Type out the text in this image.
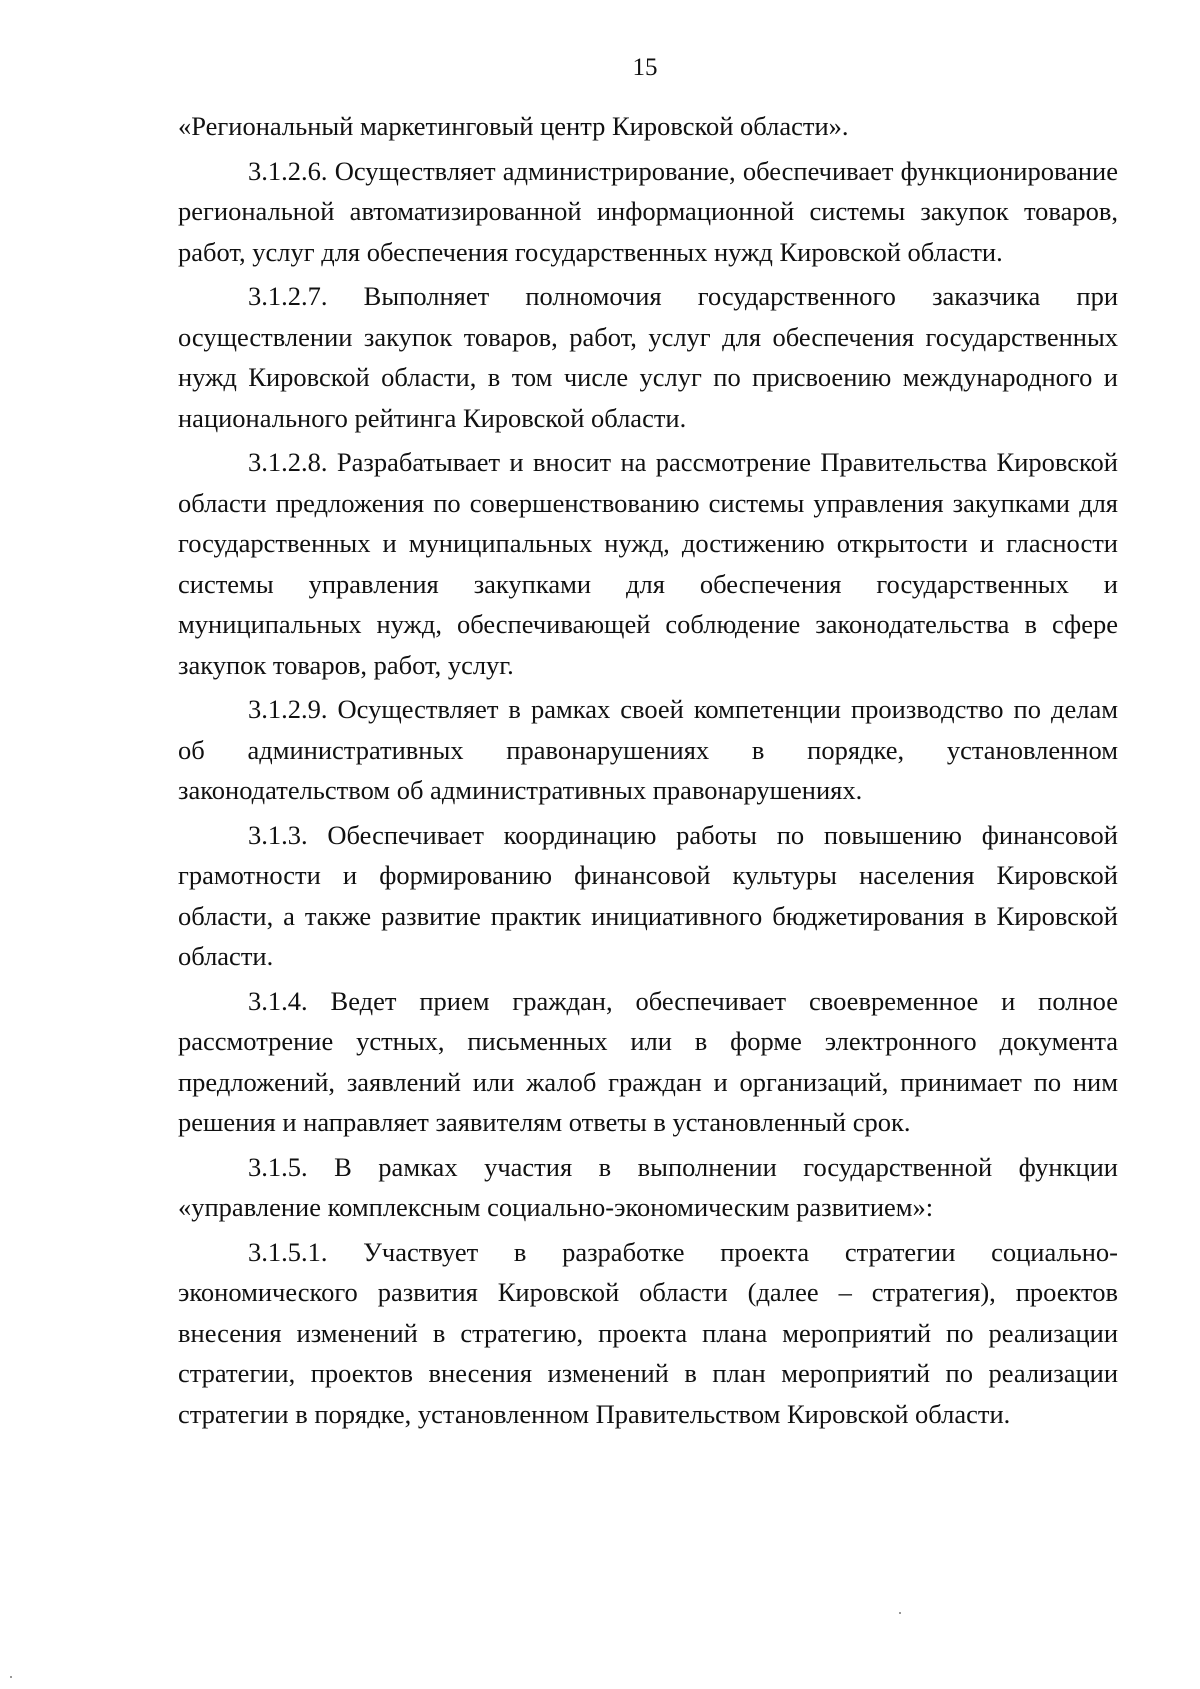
15

«Региональный маркетинговый центр Кировской области».

3.1.2.6. Осуществляет администрирование, обеспечивает функционирование региональной автоматизированной информационной системы закупок товаров, работ, услуг для обеспечения государственных нужд Кировской области.

3.1.2.7. Выполняет полномочия государственного заказчика при осуществлении закупок товаров, работ, услуг для обеспечения государственных нужд Кировской области, в том числе услуг по присвоению международного и национального рейтинга Кировской области.

3.1.2.8. Разрабатывает и вносит на рассмотрение Правительства Кировской области предложения по совершенствованию системы управления закупками для государственных и муниципальных нужд, достижению открытости и гласности системы управления закупками для обеспечения государственных и муниципальных нужд, обеспечивающей соблюдение законодательства в сфере закупок товаров, работ, услуг.

3.1.2.9. Осуществляет в рамках своей компетенции производство по делам об административных правонарушениях в порядке, установленном законодательством об административных правонарушениях.

3.1.3. Обеспечивает координацию работы по повышению финансовой грамотности и формированию финансовой культуры населения Кировской области, а также развитие практик инициативного бюджетирования в Кировской области.

3.1.4. Ведет прием граждан, обеспечивает своевременное и полное рассмотрение устных, письменных или в форме электронного документа предложений, заявлений или жалоб граждан и организаций, принимает по ним решения и направляет заявителям ответы в установленный срок.

3.1.5. В рамках участия в выполнении государственной функции «управление комплексным социально-экономическим развитием»:

3.1.5.1. Участвует в разработке проекта стратегии социально-экономического развития Кировской области (далее – стратегия), проектов внесения изменений в стратегию, проекта плана мероприятий по реализации стратегии, проектов внесения изменений в план мероприятий по реализации стратегии в порядке, установленном Правительством Кировской области.
